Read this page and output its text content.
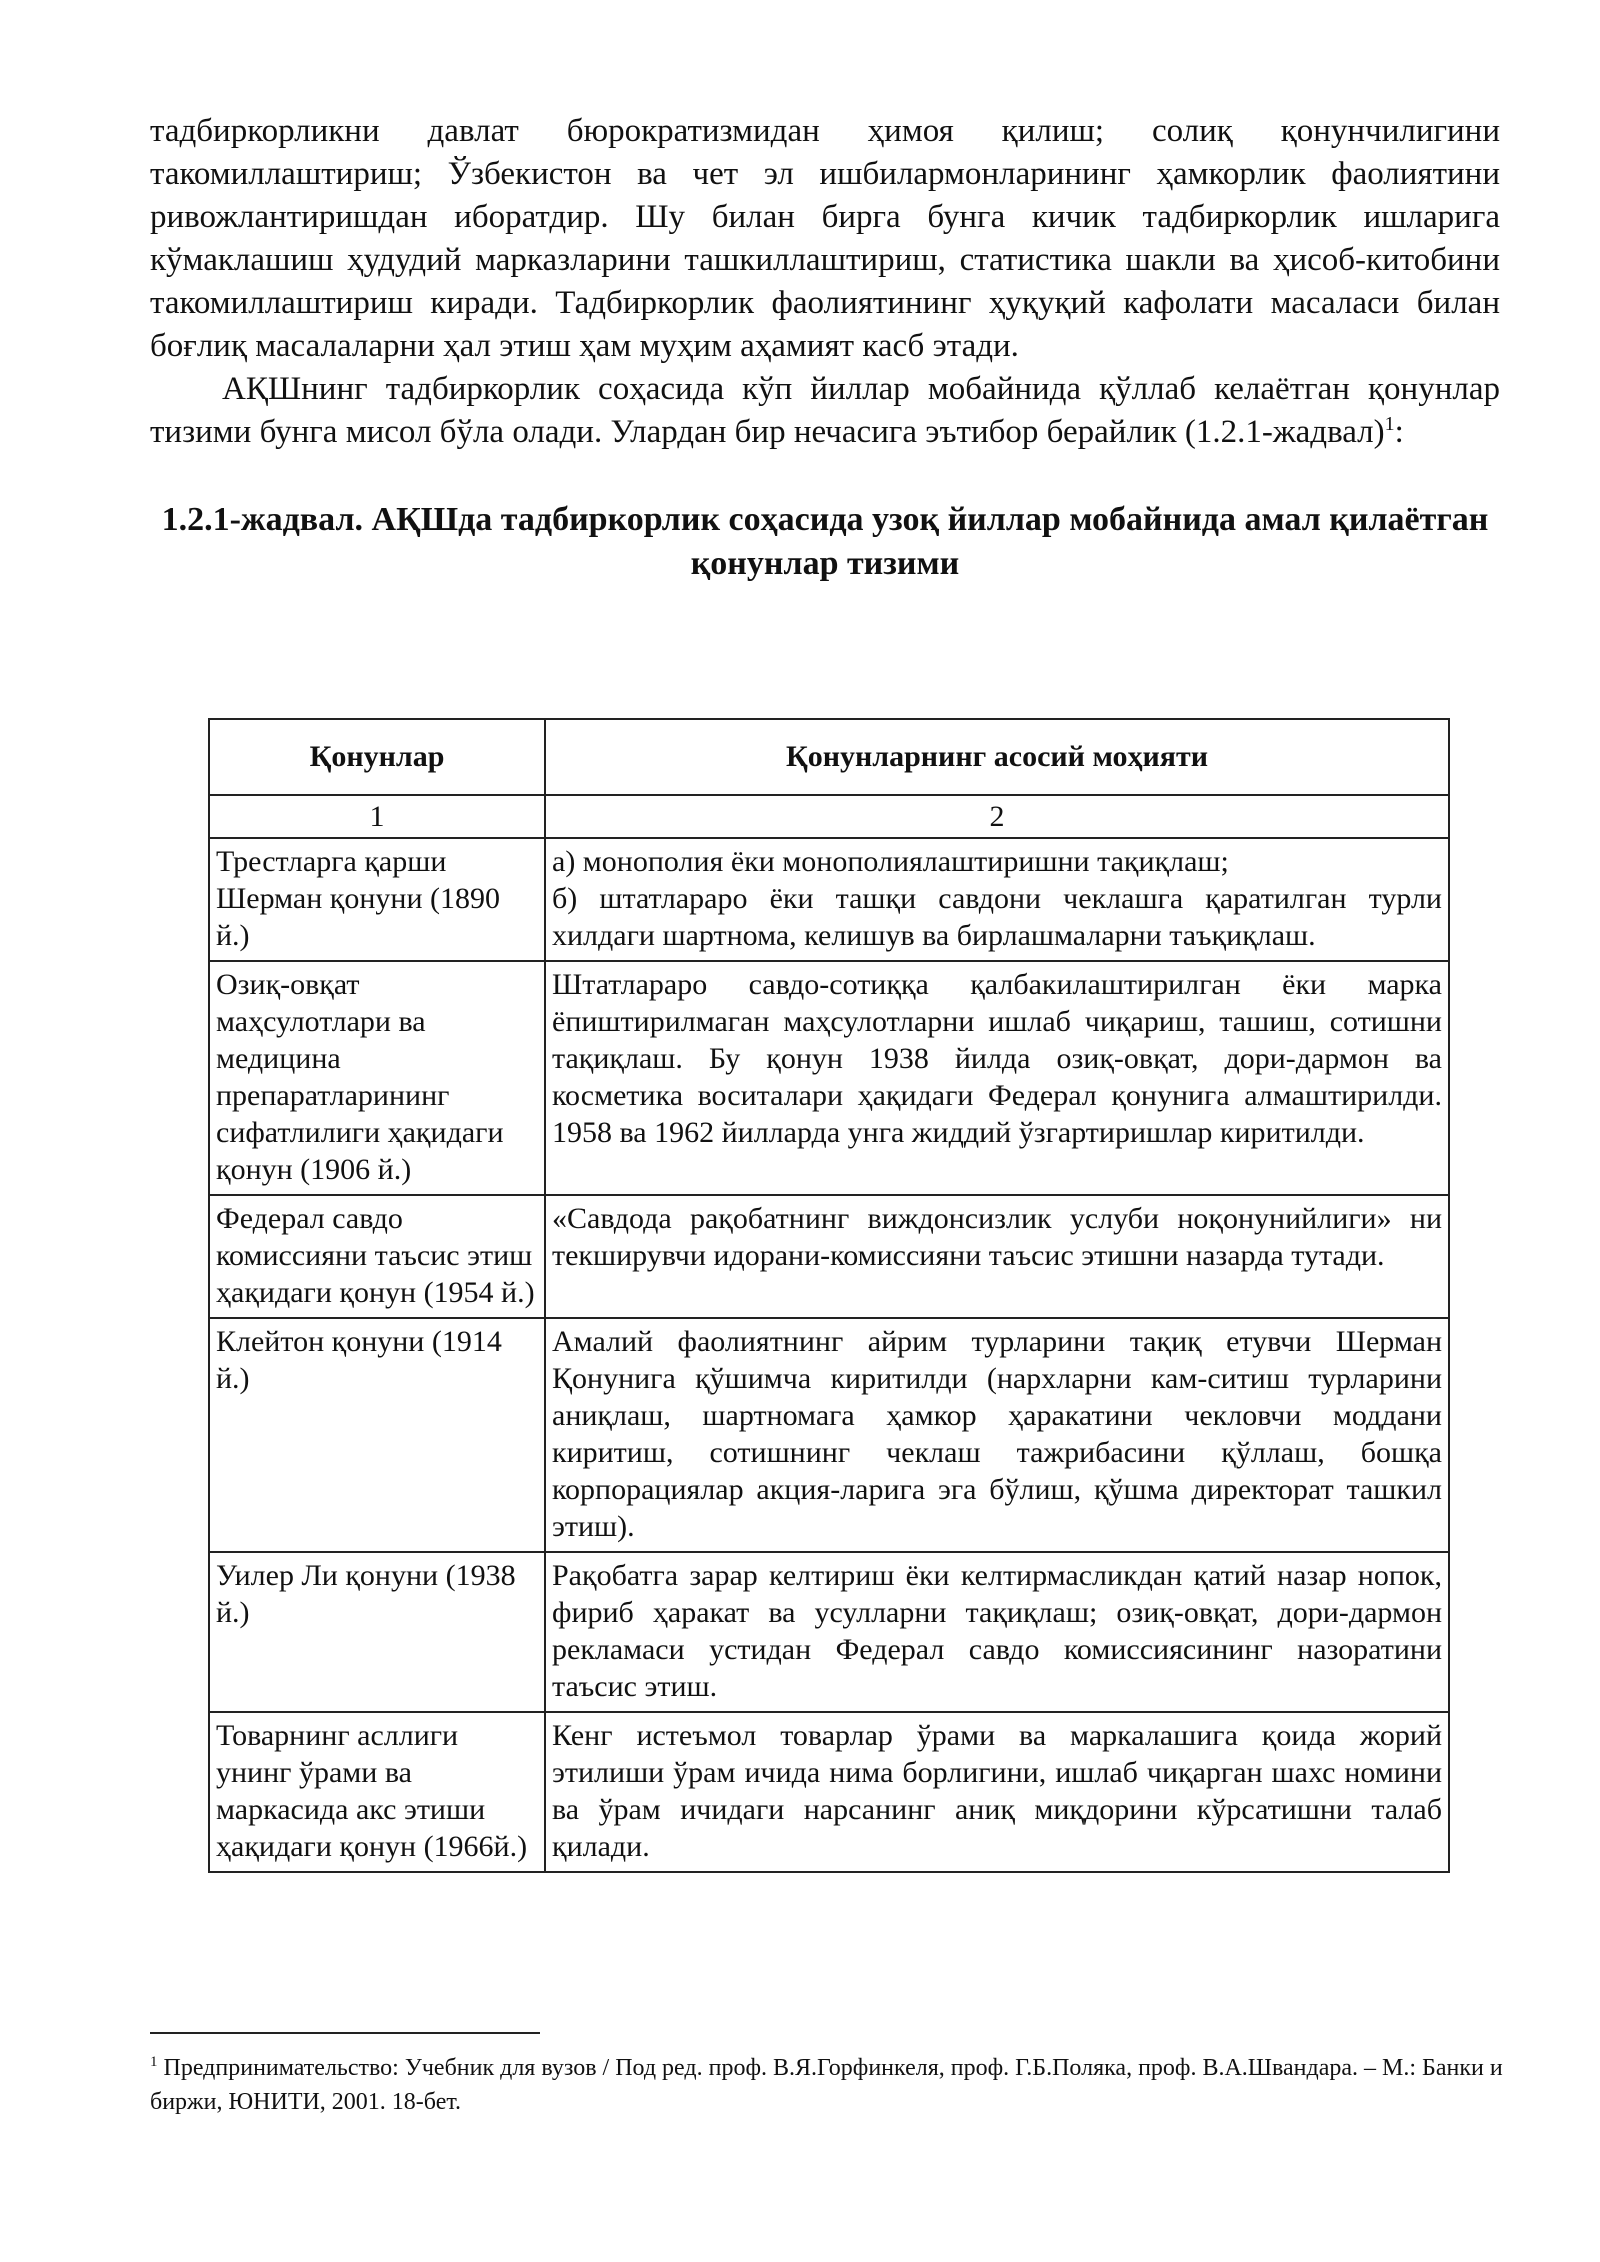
тадбиркорликни давлат бюрократизмидан ҳимоя қилиш; солиқ қонунчилигини такомиллаштириш; Ўзбекистон ва чет эл ишбилармонларининг ҳамкорлик фаолиятини ривожлантиришдан иборатдир. Шу билан бирга бунга кичик тадбиркорлик ишларига кўмаклашиш ҳудудий марказларини ташкиллаштириш, статистика шакли ва ҳисоб-китобини такомиллаштириш киради. Тадбиркорлик фаолиятининг ҳуқуқий кафолати масаласи билан боғлиқ масалаларни ҳал этиш ҳам муҳим аҳамият касб этади.

АҚШнинг тадбиркорлик соҳасида кўп йиллар мобайнида қўллаб келаётган қонунлар тизими бунга мисол бўла олади. Улардан бир нечасига эътибор берайлик (1.2.1-жадвал)$^1$:

1.2.1-жадвал. АҚШда тадбиркорлик соҳасида узоқ йиллар мобайнида амал қилаётган қонунлар тизими

Қонунлар	Қонунларнинг асосий моҳияти
1	2
Трестларга қарши Шерман қонуни (1890 й.)	а) монополия ёки монополиялаштиришни тақиқлаш;
б) штатлараро ёки ташқи савдони чеклашга қаратилган турли хилдаги шартнома, келишув ва бирлашмаларни таъқиқлаш.
Озиқ-овқат маҳсулотлари ва медицина препаратларининг сифатлилиги ҳақидаги қонун (1906 й.)	Штатлараро савдо-сотиққа қалбакилаштирилган ёки марка ёпиштирилмаган маҳсулотларни ишлаб чиқариш, ташиш, сотишни тақиқлаш. Бу қонун 1938 йилда озиқ-овқат, дори-дармон ва косметика воситалари ҳақидаги Федерал қонунига алмаштирилди. 1958 ва 1962 йилларда унга жиддий ўзгартиришлар киритилди.
Федерал савдо комиссияни таъсис этиш ҳақидаги қонун (1954 й.)	«Савдода рақобатнинг виждонсизлик услуби ноқонунийлиги» ни текширувчи идорани-комиссияни таъсис этишни назарда тутади.
Клейтон қонуни (1914 й.)	Амалий фаолиятнинг айрим турларини тақиқ етувчи Шерман Қонунига қўшимча киритилди (нархларни кам-ситиш турларини аниқлаш, шартномага ҳамкор ҳаракатини чекловчи моддани киритиш, сотишнинг чеклаш тажрибасини қўллаш, бошқа корпорациялар акция-ларига эга бўлиш, қўшма директорат ташкил этиш).
Уилер Ли қонуни (1938 й.)	Рақобатга зарар келтириш ёки келтирмасликдан қатий назар нопок, фириб ҳаракат ва усулларни тақиқлаш; озиқ-овқат, дори-дармон рекламаси устидан Федерал савдо комиссиясининг назоратини таъсис этиш.
Товарнинг асллиги унинг ўрами ва маркасида акс этиши ҳақидаги қонун (1966й.)	Кенг истеъмол товарлар ўрами ва маркалашига қоида жорий этилиши ўрам ичида нима борлигини, ишлаб чиқарган шахс номини ва ўрам ичидаги нарсанинг аниқ миқдорини кўрсатишни талаб қилади.

$^1$ Предпринимательство: Учебник для вузов / Под ред. проф. В.Я.Горфинкеля, проф. Г.Б.Поляка, проф. В.А.Швандара. – М.: Банки и биржи, ЮНИТИ, 2001. 18-бет.
